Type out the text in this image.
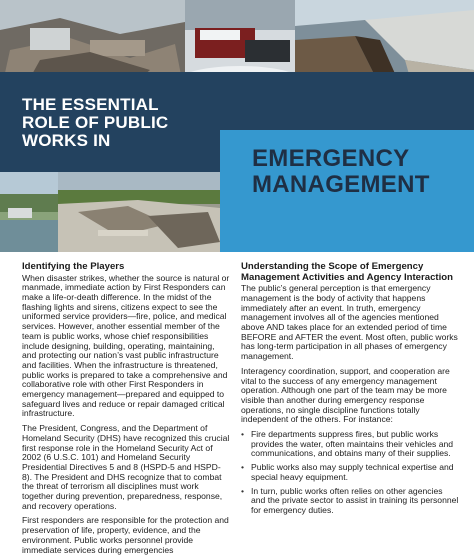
THE ESSENTIAL
ROLE OF PUBLIC
WORKS IN
EMERGENCY
MANAGEMENT
Identifying the Players

When disaster strikes, whether the source is natural or manmade, immediate action by First Responders can make a life-or-death difference. In the midst of the flashing lights and sirens, citizens expect to see the uniformed service providers—fire, police, and medical services. However, another essential member of the team is public works, whose chief responsibilities include designing, building, operating, maintaining, and protecting our nation’s vast public infrastructure and facilities. When the infrastructure is threatened, public works is prepared to take a comprehensive and collaborative role with other First Responders in emergency management—prepared and equipped to safeguard lives and reduce or repair damaged critical infrastructure.

The President, Congress, and the Department of Homeland Security (DHS) have recognized this crucial first response role in the Homeland Security Act of 2002 (6 U.S.C. 101) and Homeland Security Presidential Directives 5 and 8 (HSPD-5 and HSPD-8). The President and DHS recognize that to combat the threat of terrorism all disciplines must work together during prevention, preparedness, response, and recovery operations.

First responders are responsible for the protection and preservation of life, property, evidence, and the environment. Public works personnel provide immediate services during emergencies

Understanding the Scope of Emergency Management Activities and Agency Interaction

The public’s general perception is that emergency management is the body of activity that happens immediately after an event. In truth, emergency management involves all of the agencies mentioned above AND takes place for an extended period of time BEFORE and AFTER the event. Most often, public works has long-term participation in all phases of emergency management.

Interagency coordination, support, and cooperation are vital to the success of any emergency management operation. Although one part of the team may be more visible than another during emergency response operations, no single discipline functions totally independent of the others. For instance:

• Fire departments suppress fires, but public works provides the water, often maintains their vehicles and communications, and obtains many of their supplies.
• Public works also may supply technical expertise and special heavy equipment.
• In turn, public works often relies on other agencies and the private sector to assist in training its personnel for emergency duties.
